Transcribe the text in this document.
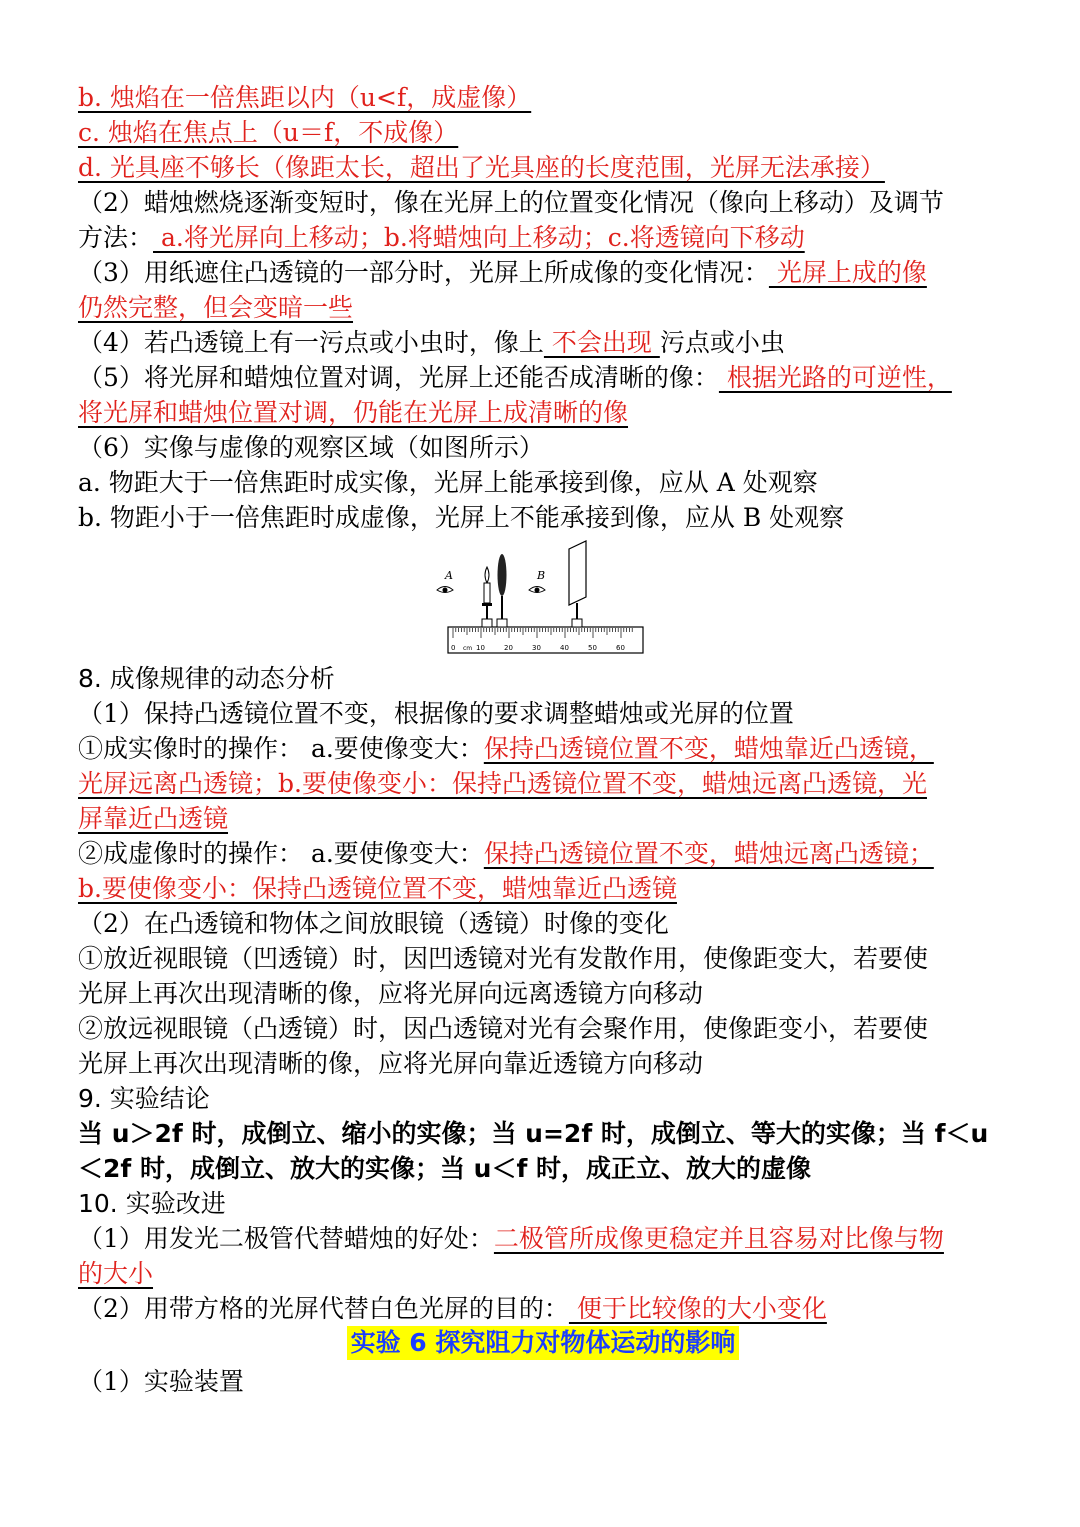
b. 烛焰在一倍焦距以内（u<f，成虚像）
c. 烛焰在焦点上（u＝f，不成像）
d. 光具座不够长（像距太长，超出了光具座的长度范围，光屏无法承接）
（2）蜡烛燃烧逐渐变短时，像在光屏上的位置变化情况（像向上移动）及调节
方法： a.将光屏向上移动；b.将蜡烛向上移动；c.将透镜向下移动
（3）用纸遮住凸透镜的一部分时，光屏上所成像的变化情况： 光屏上成的像
仍然完整，但会变暗一些
（4）若凸透镜上有一污点或小虫时，像上 不会出现 污点或小虫
（5）将光屏和蜡烛位置对调，光屏上还能否成清晰的像： 根据光路的可逆性，
将光屏和蜡烛位置对调，仍能在光屏上成清晰的像
（6）实像与虚像的观察区域（如图所示）
a. 物距大于一倍焦距时成实像，光屏上能承接到像，应从 A 处观察
b. 物距小于一倍焦距时成虚像，光屏上不能承接到像，应从 B 处观察
0 cm 10	20	30	40	50	60
A	B
8. 成像规律的动态分析
（1）保持凸透镜位置不变，根据像的要求调整蜡烛或光屏的位置
①成实像时的操作： a.要使像变大：保持凸透镜位置不变，蜡烛靠近凸透镜，
光屏远离凸透镜；b.要使像变小：保持凸透镜位置不变，蜡烛远离凸透镜，光
屏靠近凸透镜
②成虚像时的操作： a.要使像变大：保持凸透镜位置不变，蜡烛远离凸透镜；
b.要使像变小：保持凸透镜位置不变，蜡烛靠近凸透镜
（2）在凸透镜和物体之间放眼镜（透镜）时像的变化
①放近视眼镜（凹透镜）时，因凹透镜对光有发散作用，使像距变大，若要使
光屏上再次出现清晰的像，应将光屏向远离透镜方向移动
②放远视眼镜（凸透镜）时，因凸透镜对光有会聚作用，使像距变小，若要使
光屏上再次出现清晰的像，应将光屏向靠近透镜方向移动
9. 实验结论
当 u＞2f 时，成倒立、缩小的实像；当 u=2f 时，成倒立、等大的实像；当 f＜u
＜2f 时，成倒立、放大的实像；当 u＜f 时，成正立、放大的虚像
10. 实验改进
（1）用发光二极管代替蜡烛的好处：二极管所成像更稳定并且容易对比像与物
的大小
（2）用带方格的光屏代替白色光屏的目的： 便于比较像的大小变化
实验 6 探究阻力对物体运动的影响
（1）实验装置
